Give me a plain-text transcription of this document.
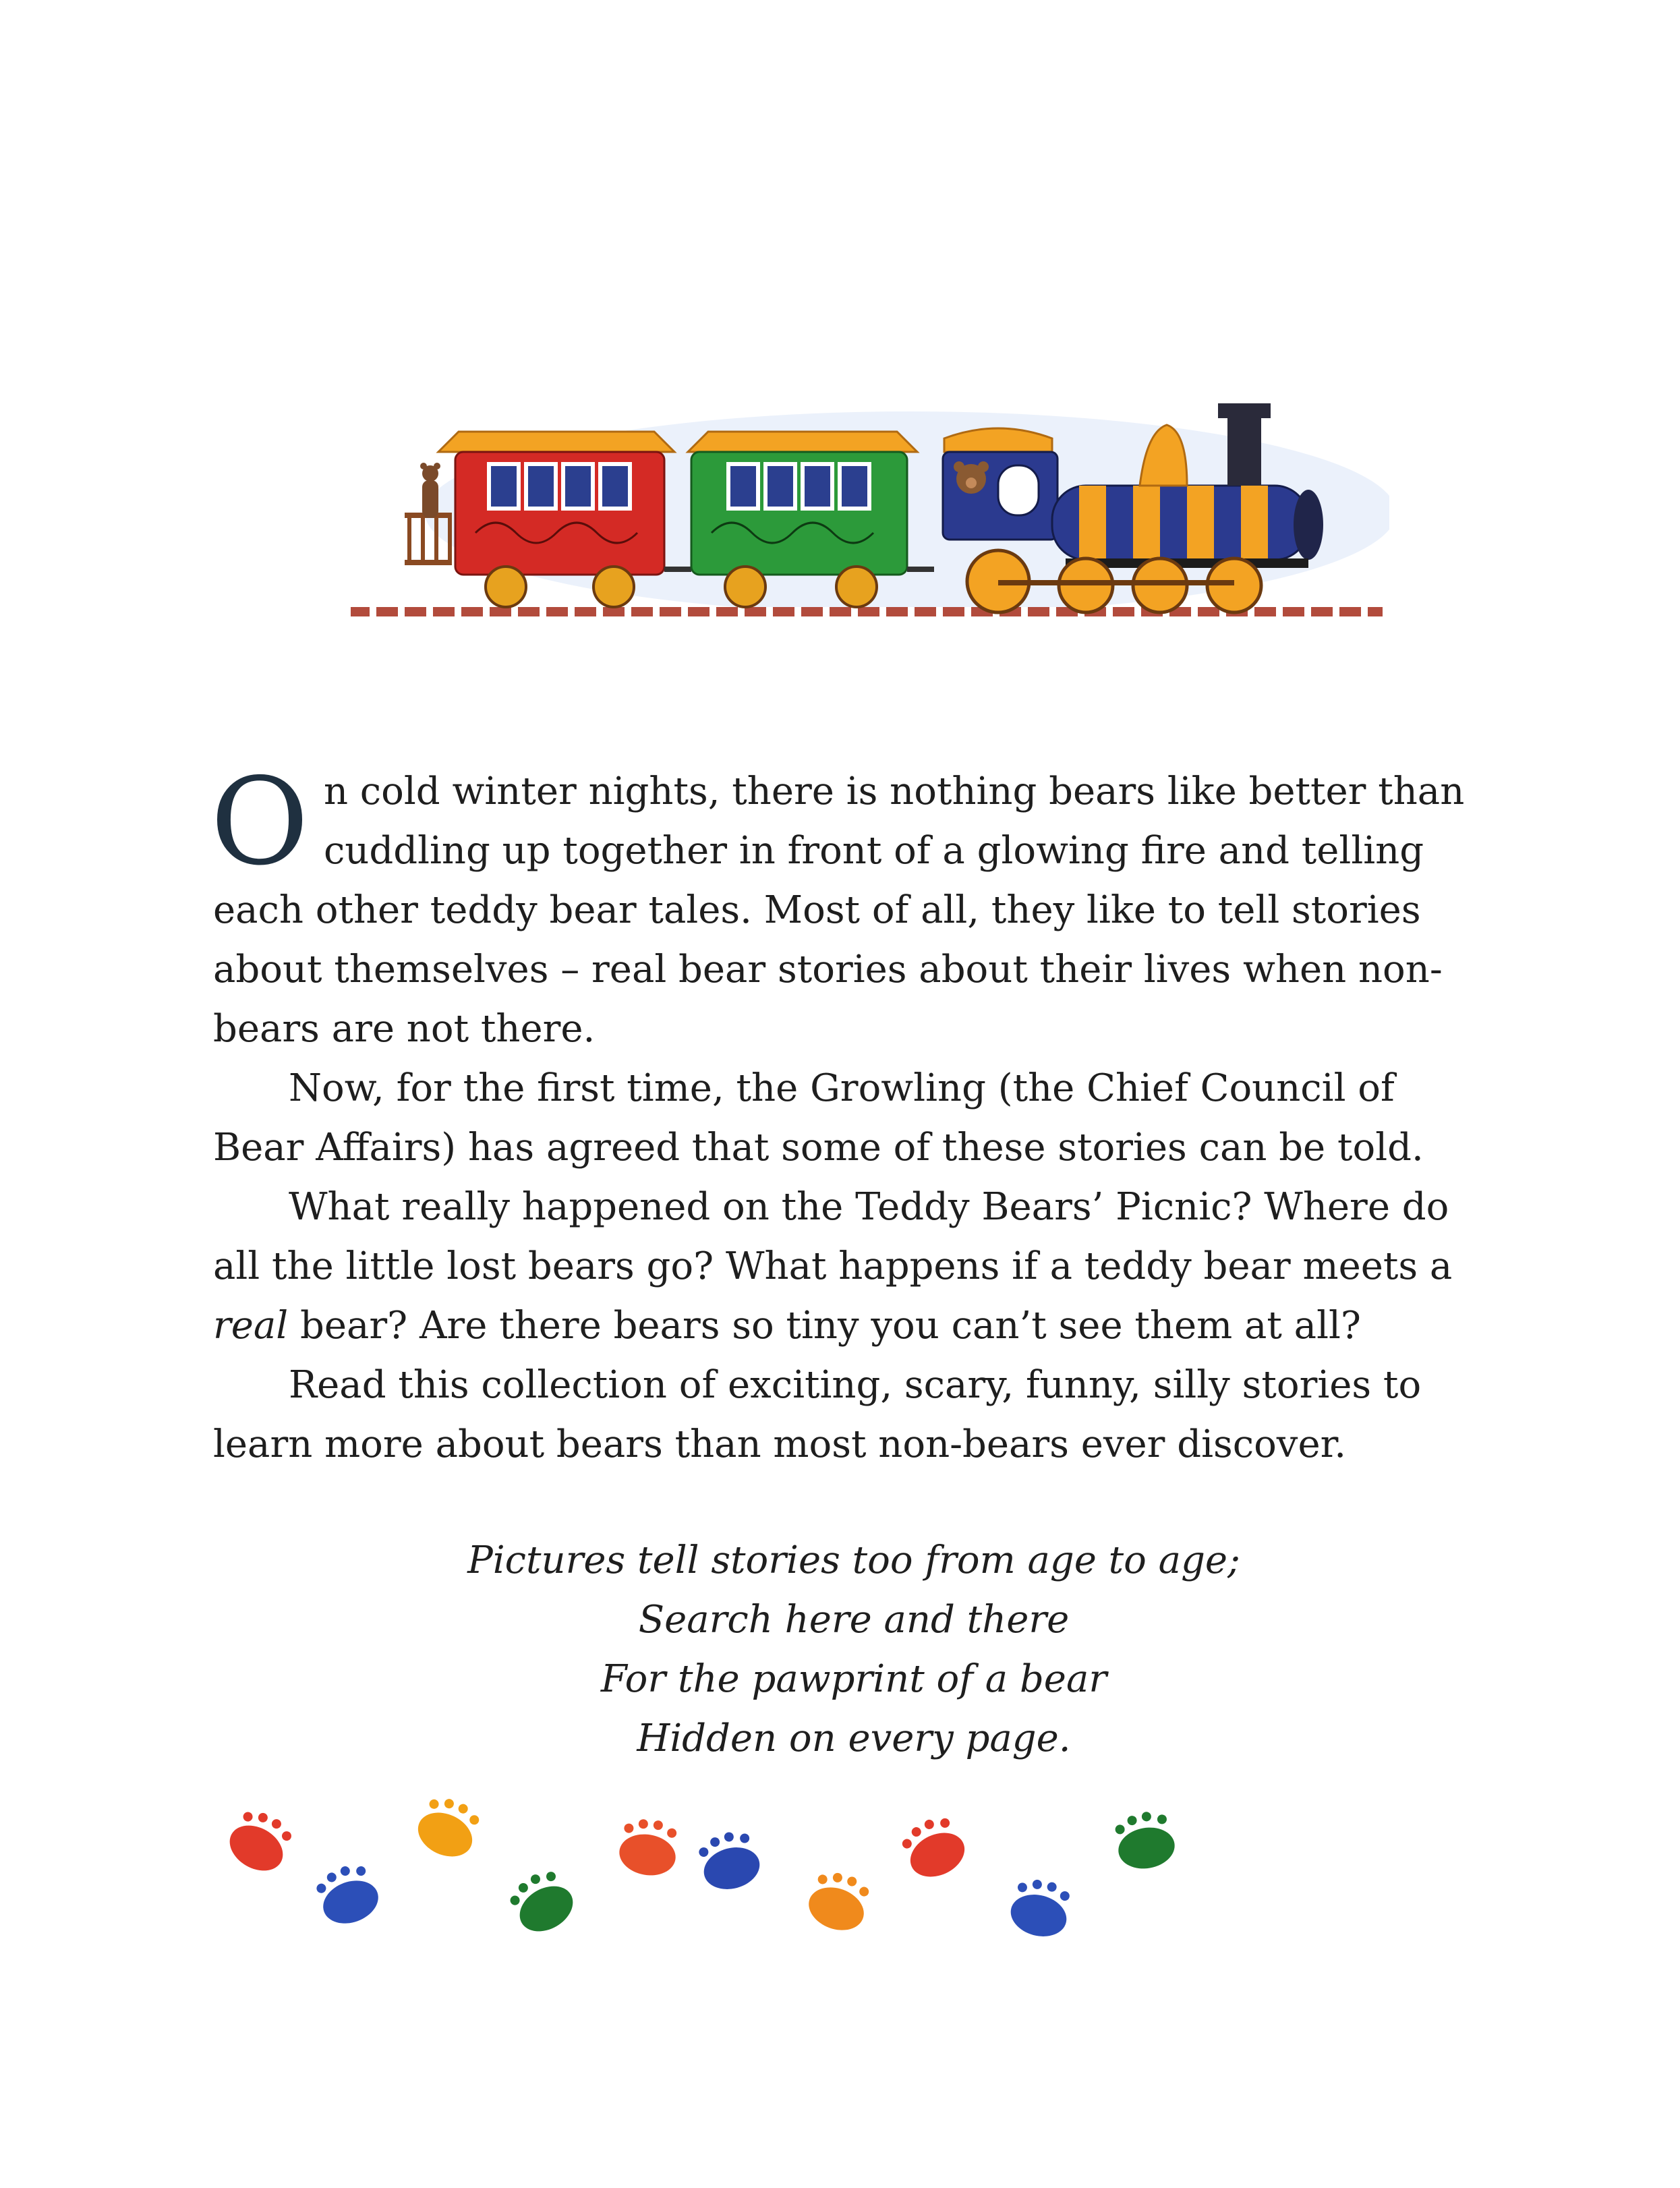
On cold winter nights, there is nothing bears like better than cuddling up together in front of a glowing fire and telling each other teddy bear tales. Most of all, they like to tell stories about themselves – real bear stories about their lives when non-bears are not there.

Now, for the first time, the Growling (the Chief Council of Bear Affairs) has agreed that some of these stories can be told.

What really happened on the Teddy Bears’ Picnic? Where do all the little lost bears go? What happens if a teddy bear meets a real bear? Are there bears so tiny you can’t see them at all?

Read this collection of exciting, scary, funny, silly stories to learn more about bears than most non-bears ever discover.

Pictures tell stories too from age to age;
Search here and there
For the pawprint of a bear
Hidden on every page.
